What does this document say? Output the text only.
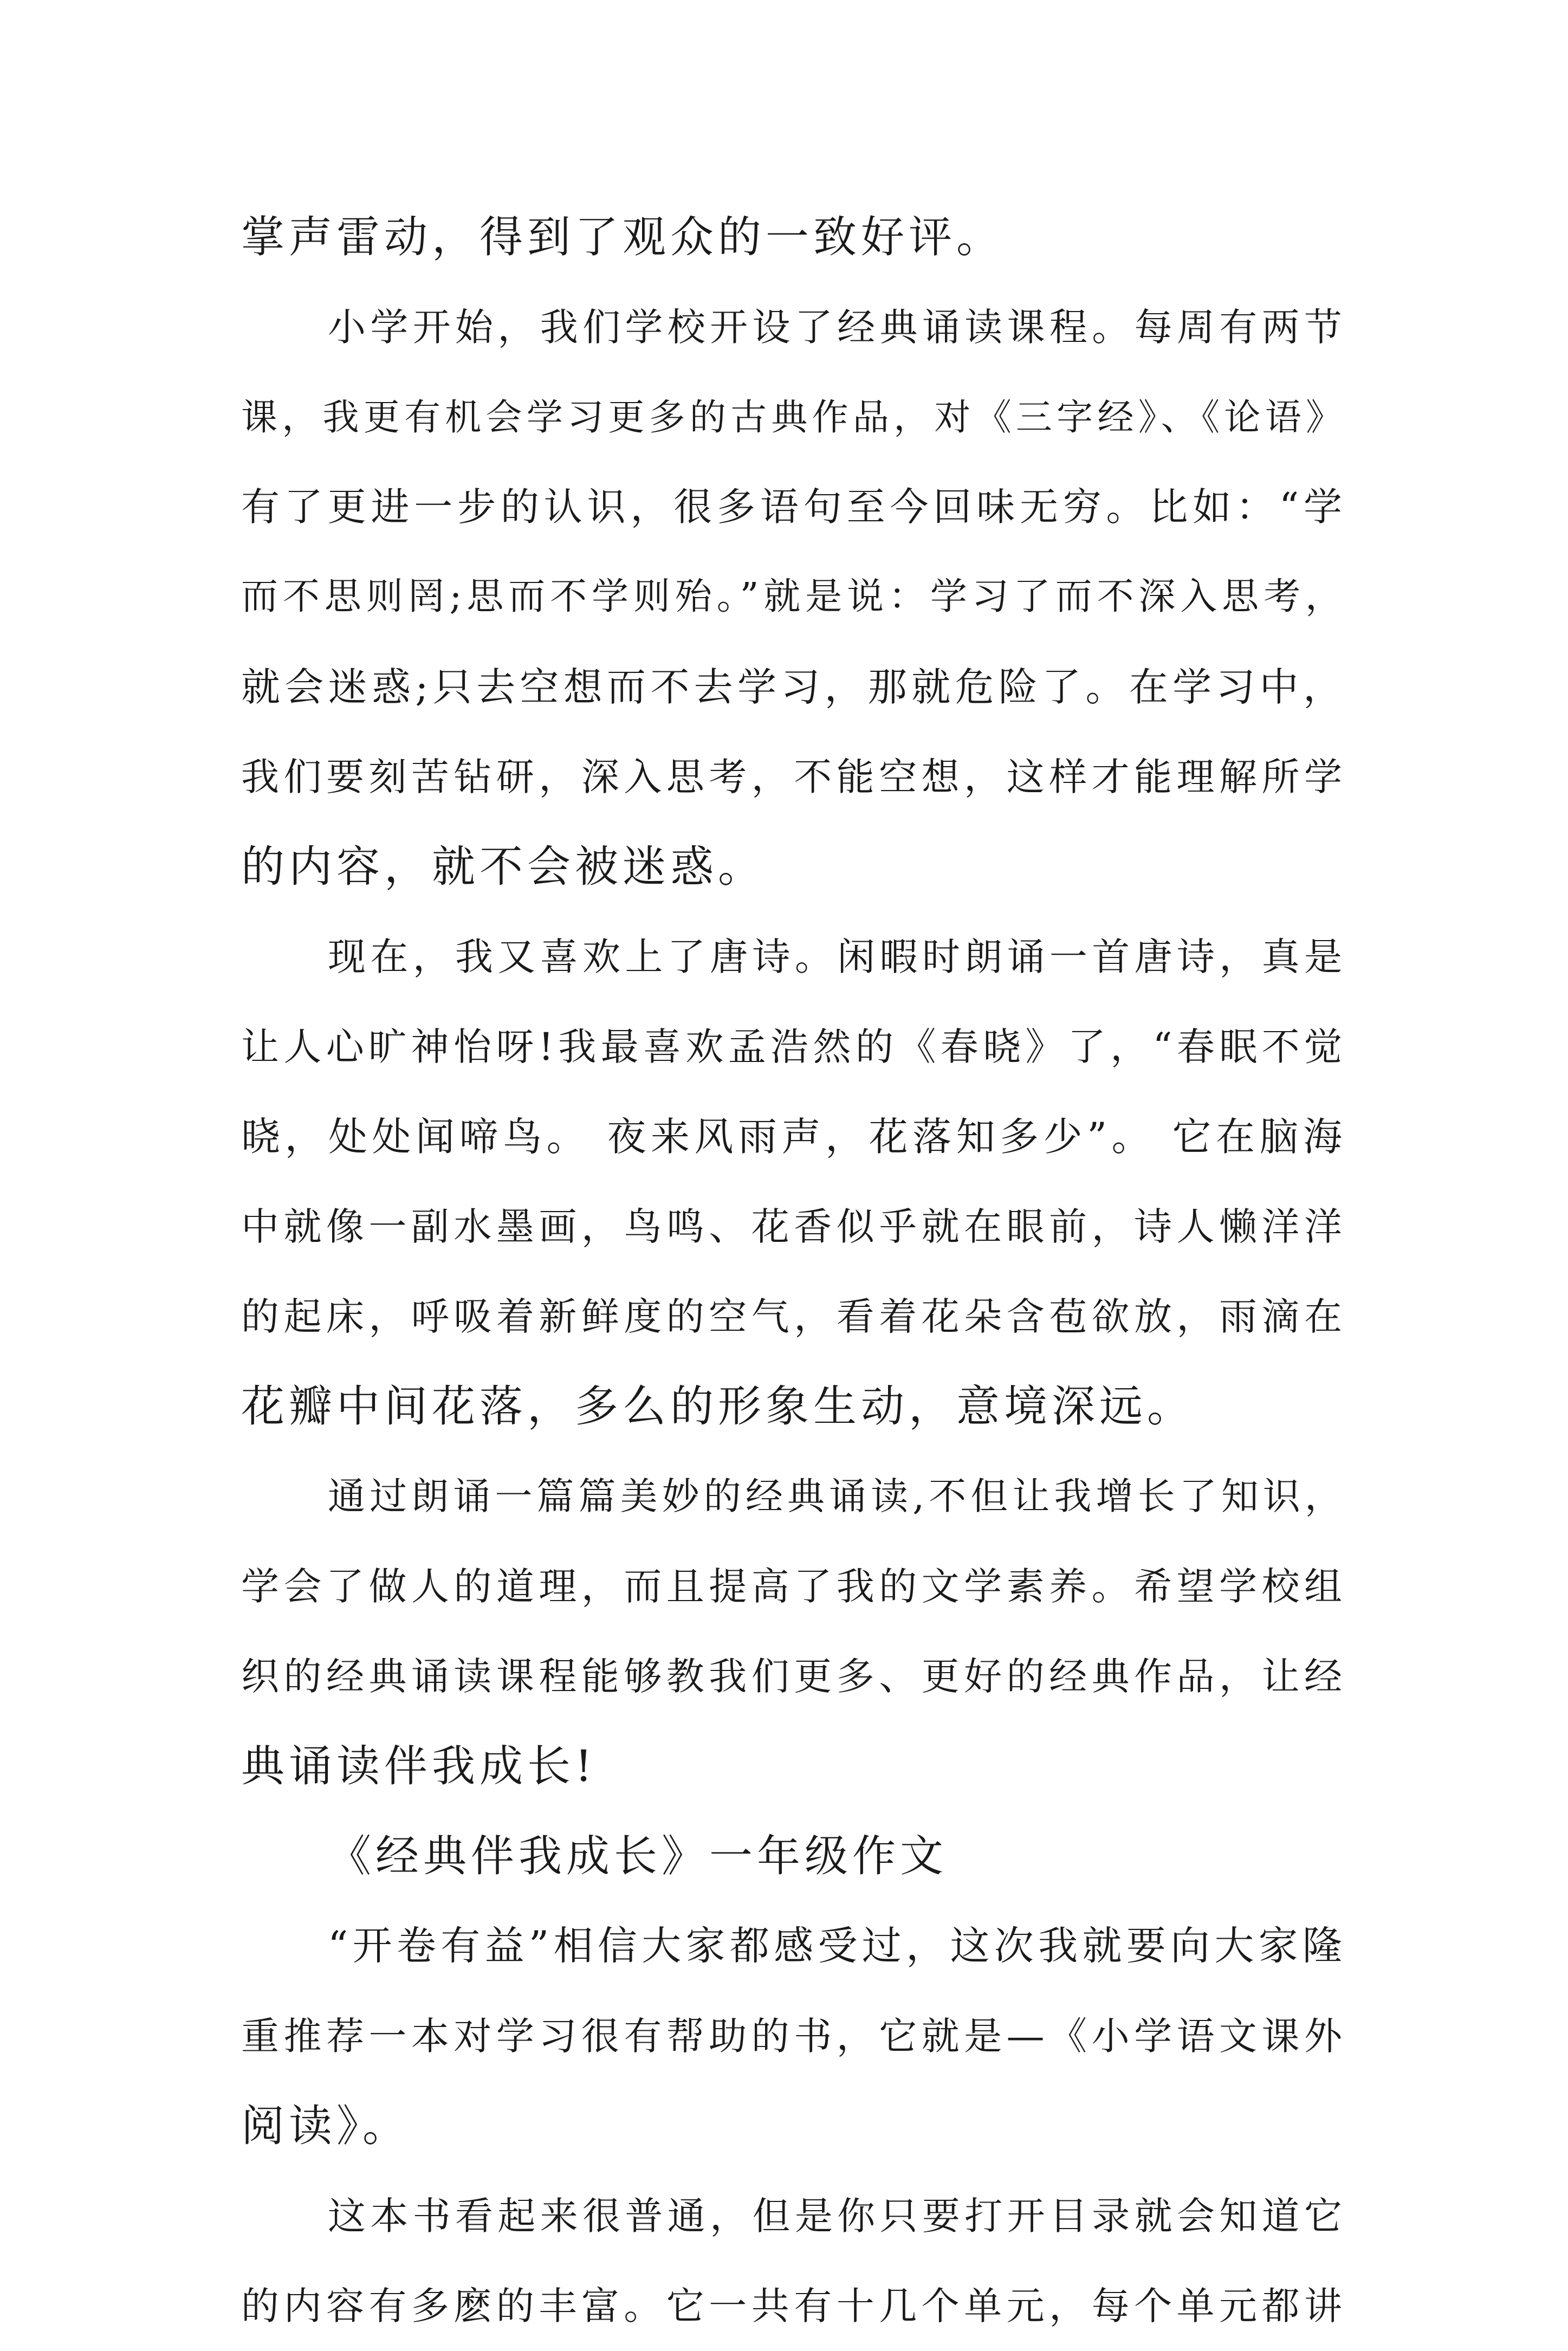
掌声雷动，得到了观众的一致好评。
小学开始，我们学校开设了经典诵读课程。每周有两节
课，我更有机会学习更多的古典作品，对《三字经》、《论语》
有了更进一步的认识，很多语句至今回味无穷。比如：“学
而不思则罔;思而不学则殆。”就是说：学习了而不深入思考，
就会迷惑;只去空想而不去学习，那就危险了。在学习中，
我们要刻苦钻研，深入思考，不能空想，这样才能理解所学
的内容，就不会被迷惑。
现在，我又喜欢上了唐诗。闲暇时朗诵一首唐诗，真是
让人心旷神怡呀!我最喜欢孟浩然的《春晓》了，“春眠不觉
晓，处处闻啼鸟。 夜来风雨声，花落知多少”。 它在脑海
中就像一副水墨画，鸟鸣、花香似乎就在眼前，诗人懒洋洋
的起床，呼吸着新鲜度的空气，看着花朵含苞欲放，雨滴在
花瓣中间花落，多么的形象生动，意境深远。
通过朗诵一篇篇美妙的经典诵读,不但让我增长了知识，
学会了做人的道理，而且提高了我的文学素养。希望学校组
织的经典诵读课程能够教我们更多、更好的经典作品，让经
典诵读伴我成长!
《经典伴我成长》一年级作文
“开卷有益”相信大家都感受过，这次我就要向大家隆
重推荐一本对学习很有帮助的书，它就是—《小学语文课外
阅读》。
这本书看起来很普通，但是你只要打开目录就会知道它
的内容有多麽的丰富。它一共有十几个单元，每个单元都讲
